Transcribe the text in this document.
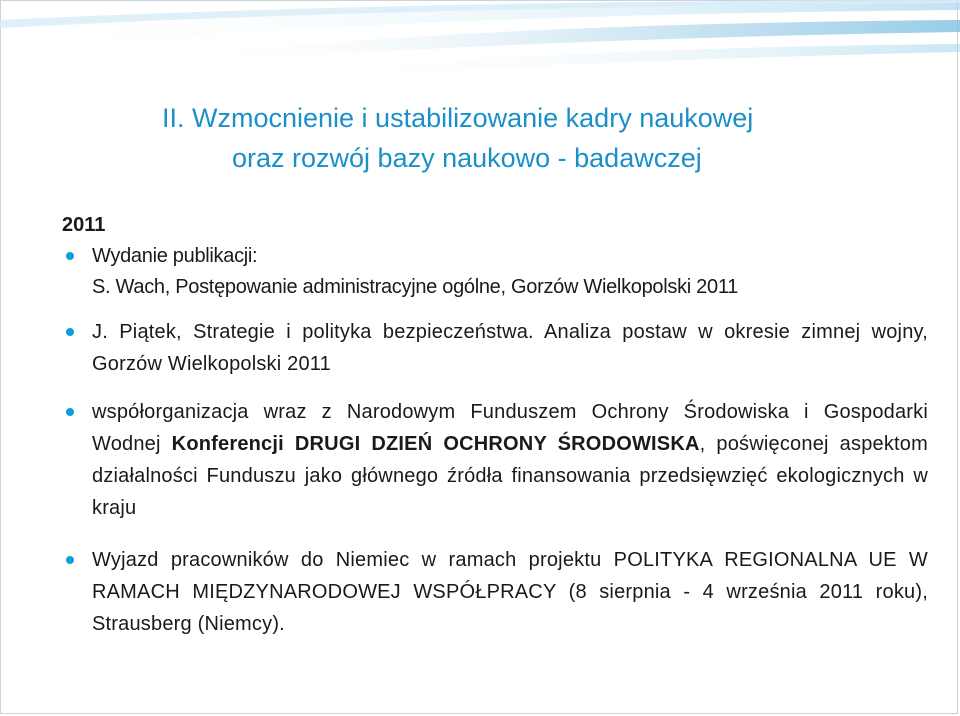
II. Wzmocnienie i ustabilizowanie kadry naukowej
oraz rozwój bazy naukowo - badawczej
2011
Wydanie publikacji:
S. Wach, Postępowanie administracyjne ogólne, Gorzów Wielkopolski 2011
J. Piątek, Strategie i polityka bezpieczeństwa. Analiza postaw w okresie zimnej wojny, Gorzów Wielkopolski 2011
współorganizacja wraz z Narodowym Funduszem Ochrony Środowiska i Gospodarki Wodnej Konferencji DRUGI DZIEŃ OCHRONY ŚRODOWISKA, poświęconej aspektom działalności Funduszu jako głównego źródła finansowania przedsięwzięć ekologicznych w kraju
Wyjazd pracowników do Niemiec w ramach projektu POLITYKA REGIONALNA UE W RAMACH MIĘDZYNARODOWEJ WSPÓŁPRACY (8 sierpnia - 4 września 2011 roku), Strausberg (Niemcy).
